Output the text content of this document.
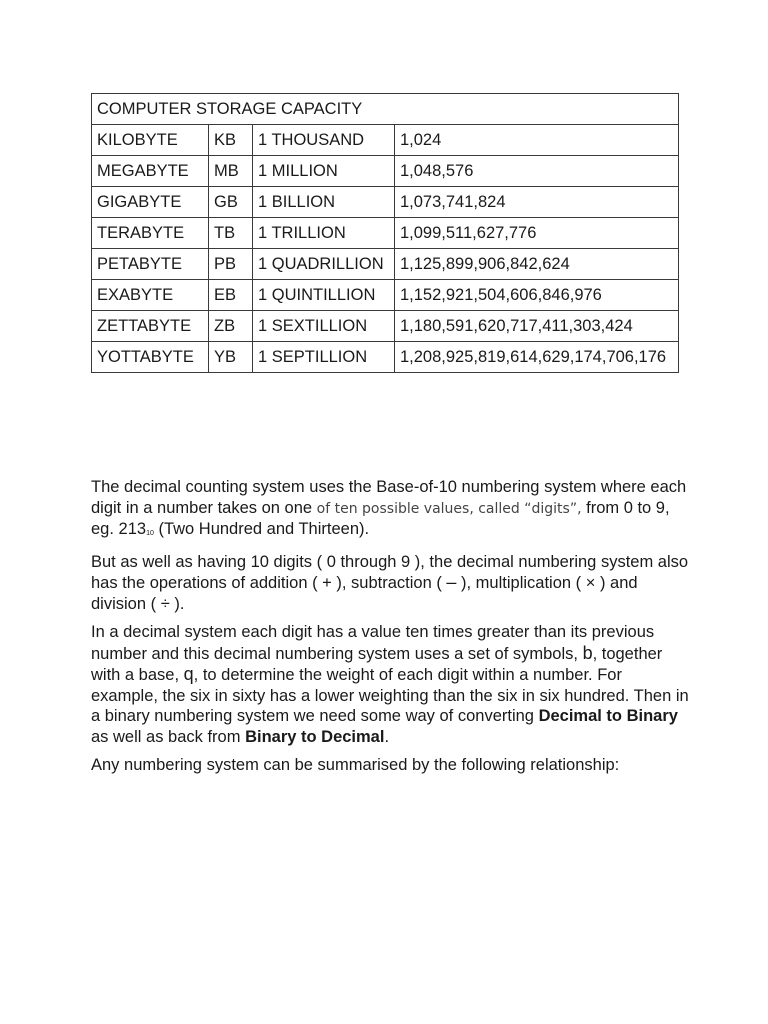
COMPUTER STORAGE CAPACITY			
KILOBYTE	KB	1 THOUSAND	1,024
MEGABYTE	MB	1 MILLION	1,048,576
GIGABYTE	GB	1 BILLION	1,073,741,824
TERABYTE	TB	1 TRILLION	1,099,511,627,776
PETABYTE	PB	1 QUADRILLION	1,125,899,906,842,624
EXABYTE	EB	1 QUINTILLION	1,152,921,504,606,846,976
ZETTABYTE	ZB	1 SEXTILLION	1,180,591,620,717,411,303,424
YOTTABYTE	YB	1 SEPTILLION	1,208,925,819,614,629,174,706,176

The decimal counting system uses the Base-of-10 numbering system where each digit in a number takes on one of ten possible values, called “digits”, from 0 to 9, eg. $213_{10}$ (Two Hundred and Thirteen).

But as well as having 10 digits ( 0 through 9 ), the decimal numbering system also has the operations of addition ( + ), subtraction ( – ), multiplication ( × ) and division ( ÷ ).

In a decimal system each digit has a value ten times greater than its previous number and this decimal numbering system uses a set of symbols, b, together with a base, q, to determine the weight of each digit within a number. For example, the six in sixty has a lower weighting than the six in six hundred. Then in a binary numbering system we need some way of converting Decimal to Binary as well as back from Binary to Decimal.

Any numbering system can be summarised by the following relationship:
